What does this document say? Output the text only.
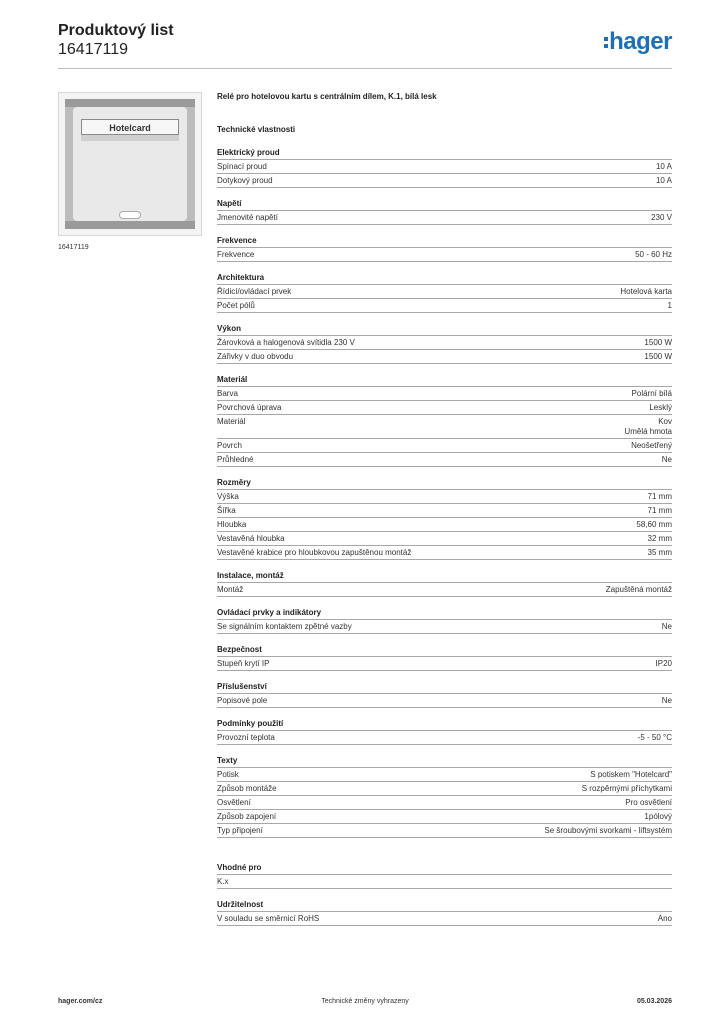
Produktový list
16417119	hager
Hotelcard
16417119
Relé pro hotelovou kartu s centrálním dílem, K.1, bílá lesk
Technické vlastnosti
Elektrický proud
Spínací proud	10 A
Dotykový proud	10 A
Napětí
Jmenovité napětí	230 V
Frekvence
Frekvence	50 - 60 Hz
Architektura
Řídicí/ovládací prvek	Hotelová karta
Počet pólů	1
Výkon
Žárovková a halogenová svítidla 230 V	1500 W
Zářivky v duo obvodu	1500 W
Materiál
Barva	Polární bílá
Povrchová úprava	Lesklý
Materiál	Kov
Umělá hmota
Povrch	Neošetřený
Průhledné	Ne
Rozměry
Výška	71 mm
Šířka	71 mm
Hloubka	58,60 mm
Vestavěná hloubka	32 mm
Vestavěné krabice pro hloubkovou zapuštěnou montáž	35 mm
Instalace, montáž
Montáž	Zapuštěná montáž
Ovládací prvky a indikátory
Se signálním kontaktem zpětné vazby	Ne
Bezpečnost
Stupeň krytí IP	IP20
Příslušenství
Popisové pole	Ne
Podmínky použití
Provozní teplota	-5 - 50 °C
Texty
Potisk	S potiskem "Hotelcard"
Způsob montáže	S rozpěrnými příchytkami
Osvětlení	Pro osvětlení
Způsob zapojení	1pólový
Typ připojení	Se šroubovými svorkami - liftsystém
Vhodné pro
K.x
Udržitelnost
V souladu se směrnicí RoHS	Ano
hager.com/cz	Technické změny vyhrazeny	05.03.2026
